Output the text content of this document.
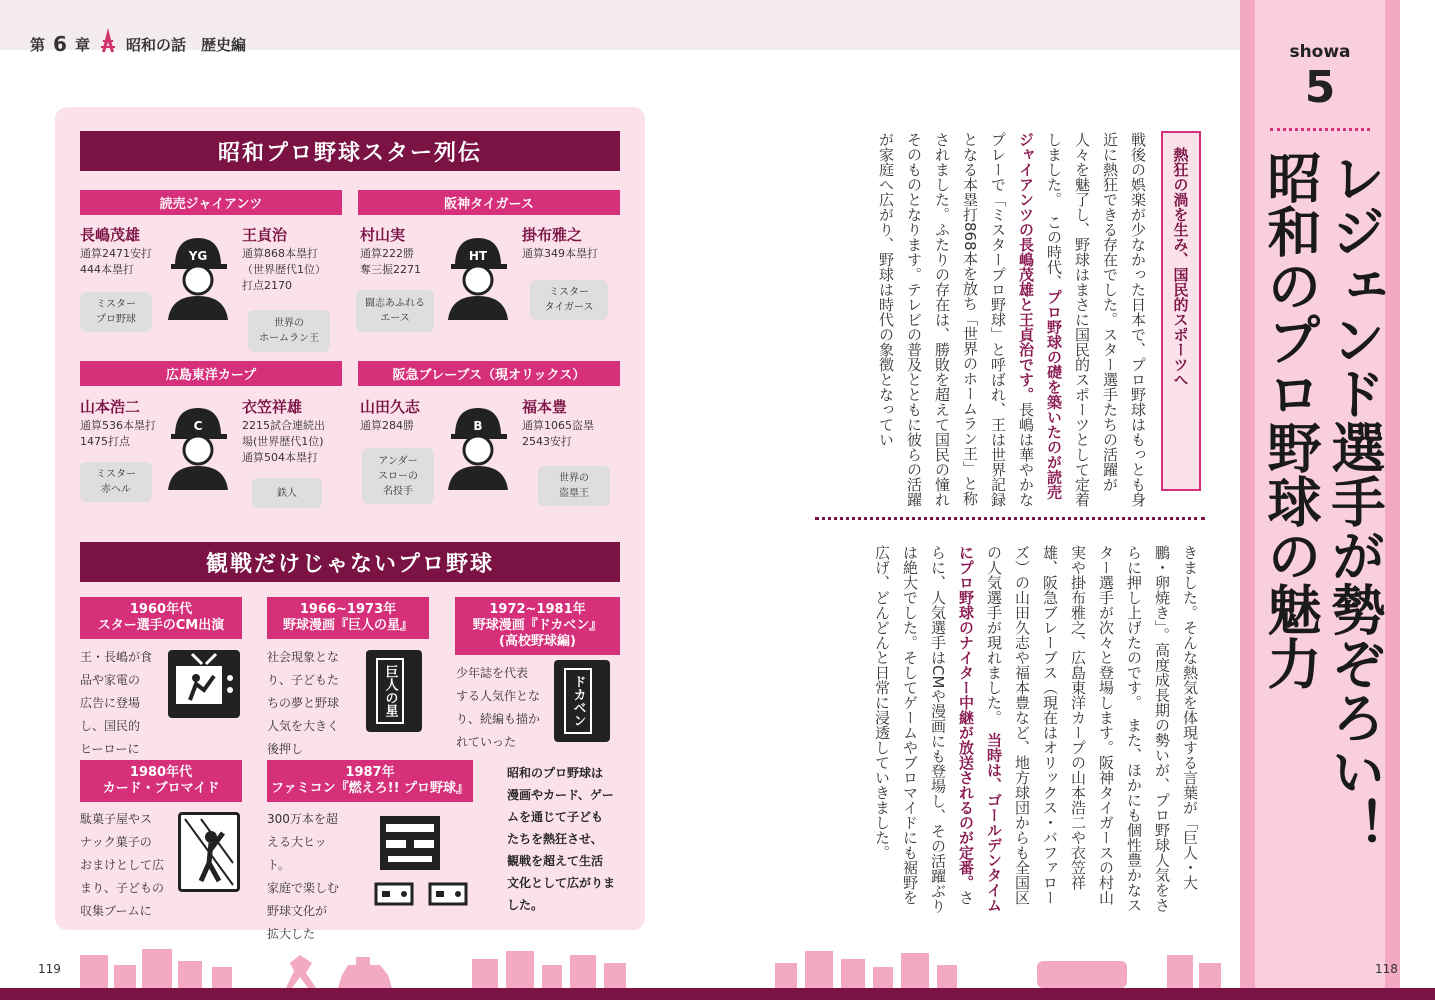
第 6 章 昭和の話　歴史編
昭和プロ野球スター列伝
読売ジャイアンツ
長嶋茂雄
通算2471安打
444本塁打
ミスター
プロ野球
YG
王貞治
通算868本塁打
（世界歴代1位）
打点2170
世界の
ホームラン王
阪神タイガース
村山実
通算222勝
奪三振2271
闘志あふれる
エース
HT
掛布雅之
通算349本塁打
ミスター
タイガース
広島東洋カープ
山本浩二
通算536本塁打
1475打点
ミスター
赤ヘル
C
衣笠祥雄
2215試合連続出
場(世界歴代1位)
通算504本塁打
鉄人
阪急ブレーブス（現オリックス）
山田久志
通算284勝
アンダー
スローの
名投手
B
福本豊
通算1065盗塁
2543安打
世界の
盗塁王
観戦だけじゃないプロ野球
1960年代
スター選手のCM出演
王・長嶋が食
品や家電の
広告に登場
し、国民的
ヒーローに
1966~1973年
野球漫画『巨人の星』
社会現象とな
り、子どもた
ちの夢と野球
人気を大きく
後押し
巨人の星
1972~1981年
野球漫画『ドカベン』
(高校野球編)
少年誌を代表
する人気作とな
り、続編も描か
れていった
ドカベン
1980年代
カード・ブロマイド
駄菓子屋やス
ナック菓子の
おまけとして広
まり、子どもの
収集ブームに
1987年
ファミコン『燃えろ!! プロ野球』
300万本を超
える大ヒット。
家庭で楽しむ
野球文化が
拡大した
昭和のプロ野球は
漫画やカード、ゲー
ムを通じて子ども
たちを熱狂させ、
観戦を超えて生活
文化として広がりま
した。
熱狂の渦を生み、国民的スポーツへ
戦後の娯楽が少なかった日本で、プロ野球はもっとも身近に熱狂できる存在でした。スター選手たちの活躍が人々を魅了し、野球はまさに国民的スポーツとして定着しました。　この時代、プロ野球の礎を築いたのが読売ジャイアンツの長嶋茂雄と王貞治です。長嶋は華やかなプレーで「ミスタープロ野球」と呼ばれ、王は世界記録となる本塁打868本を放ち「世界のホームラン王」と称されました。ふたりの存在は、勝敗を超えて国民の憧れそのものとなります。テレビの普及とともに彼らの活躍が家庭へ広がり、野球は時代の象徴となってい
きました。そんな熱気を体現する言葉が「巨人・大鵬・卵焼き」。高度成長期の勢いが、プロ野球人気をさらに押し上げたのです。　また、ほかにも個性豊かなスター選手が次々と登場します。阪神タイガースの村山実や掛布雅之、広島東洋カープの山本浩二や衣笠祥雄、阪急ブレーブス（現在はオリックス・バファローズ）の山田久志や福本豊など、地方球団からも全国区の人気選手が現れました。　当時は、ゴールデンタイムにプロ野球のナイター中継が放送されるのが定番。さらに、人気選手はCMや漫画にも登場し、その活躍ぶりは絶大でした。そしてゲームやブロマイドにも裾野を広げ、どんどんと日常に浸透していきました。
showa
5
レジェンド選手が勢ぞろい！
昭和のプロ野球の魅力
119	118
